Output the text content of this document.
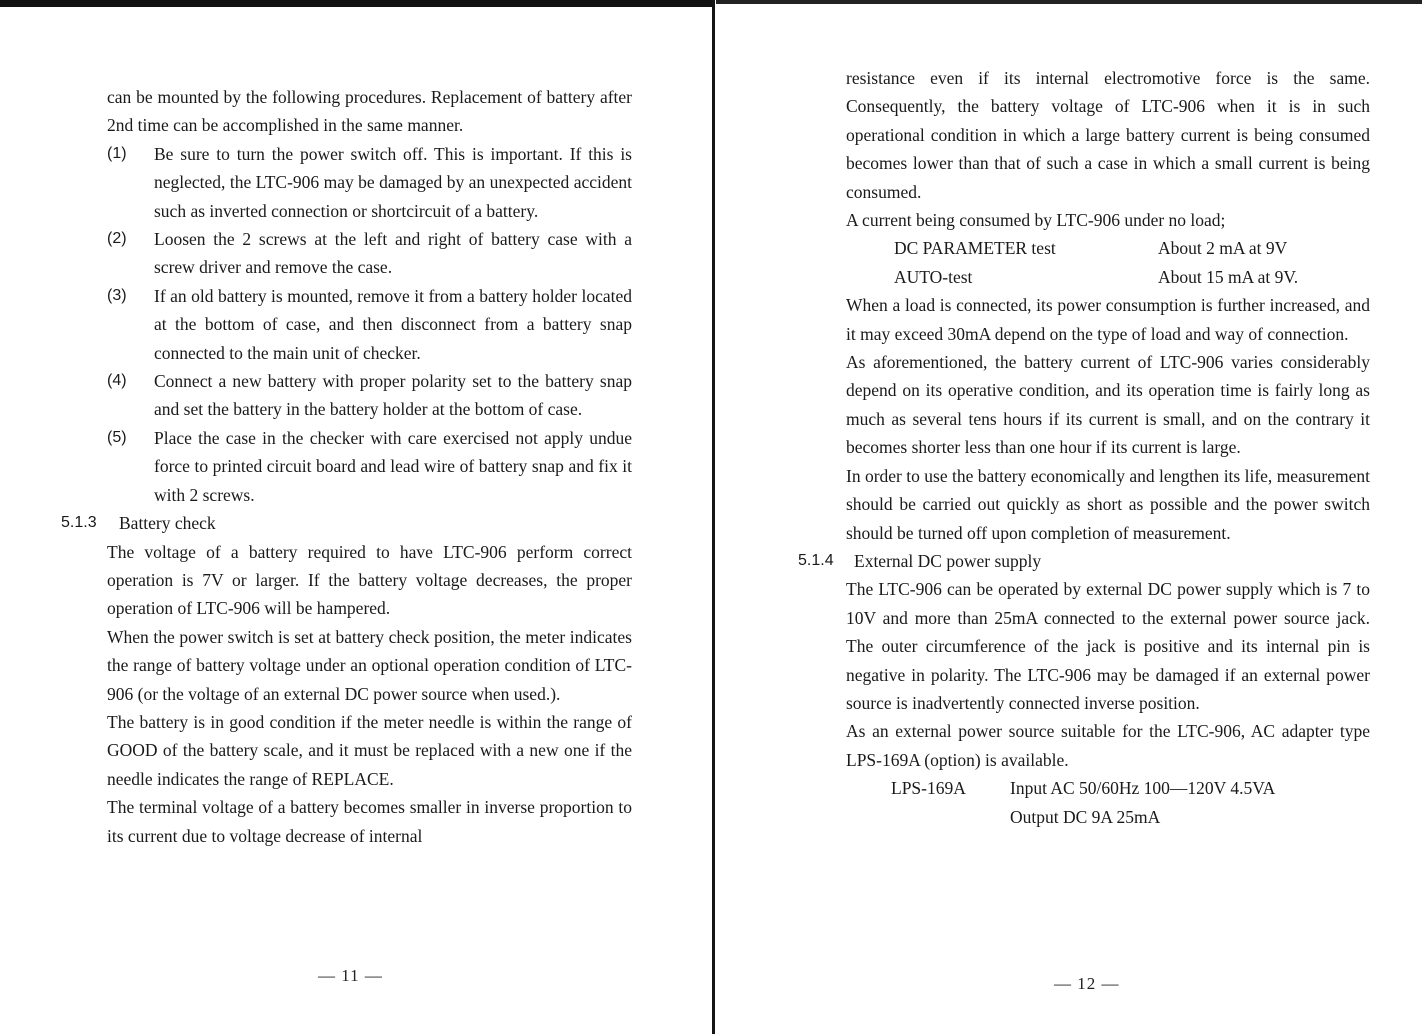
can be mounted by the following procedures. Replacement of battery after 2nd time can be accomplished in the same manner.

(1) Be sure to turn the power switch off. This is important. If this is neglected, the LTC-906 may be damaged by an unexpected accident such as inverted connection or shortcircuit of a battery.

(2) Loosen the 2 screws at the left and right of battery case with a screw driver and remove the case.

(3) If an old battery is mounted, remove it from a battery holder located at the bottom of case, and then disconnect from a battery snap connected to the main unit of checker.

(4) Connect a new battery with proper polarity set to the battery snap and set the battery in the battery holder at the bottom of case.

(5) Place the case in the checker with care exercised not apply undue force to printed circuit board and lead wire of battery snap and fix it with 2 screws.

5.1.3	Battery check

The voltage of a battery required to have LTC-906 perform correct operation is 7V or larger. If the battery voltage decreases, the proper operation of LTC-906 will be hampered.

When the power switch is set at battery check position, the meter indicates the range of battery voltage under an optional operation condition of LTC-906 (or the voltage of an external DC power source when used.).

The battery is in good condition if the meter needle is within the range of GOOD of the battery scale, and it must be replaced with a new one if the needle indicates the range of REPLACE.

The terminal voltage of a battery becomes smaller in inverse proportion to its current due to voltage decrease of internal

— 11 —

resistance even if its internal electromotive force is the same. Consequently, the battery voltage of LTC-906 when it is in such operational condition in which a large battery current is being consumed becomes lower than that of such a case in which a small current is being consumed.

A current being consumed by LTC-906 under no load;

DC PARAMETER test	About 2 mA at 9V
AUTO-test	About 15 mA at 9V.

When a load is connected, its power consumption is further increased, and it may exceed 30mA depend on the type of load and way of connection.

As aforementioned, the battery current of LTC-906 varies considerably depend on its operative condition, and its operation time is fairly long as much as several tens hours if its current is small, and on the contrary it becomes shorter less than one hour if its current is large.

In order to use the battery economically and lengthen its life, measurement should be carried out quickly as short as possible and the power switch should be turned off upon completion of measurement.

5.1.4	External DC power supply

The LTC-906 can be operated by external DC power supply which is 7 to 10V and more than 25mA connected to the external power source jack. The outer circumference of the jack is positive and its internal pin is negative in polarity. The LTC-906 may be damaged if an external power source is inadvertently connected inverse position.

As an external power source suitable for the LTC-906, AC adapter type LPS-169A (option) is available.

LPS-169A	Input AC 50/60Hz 100—120V 4.5VA
Output DC 9A 25mA
— 12 —
